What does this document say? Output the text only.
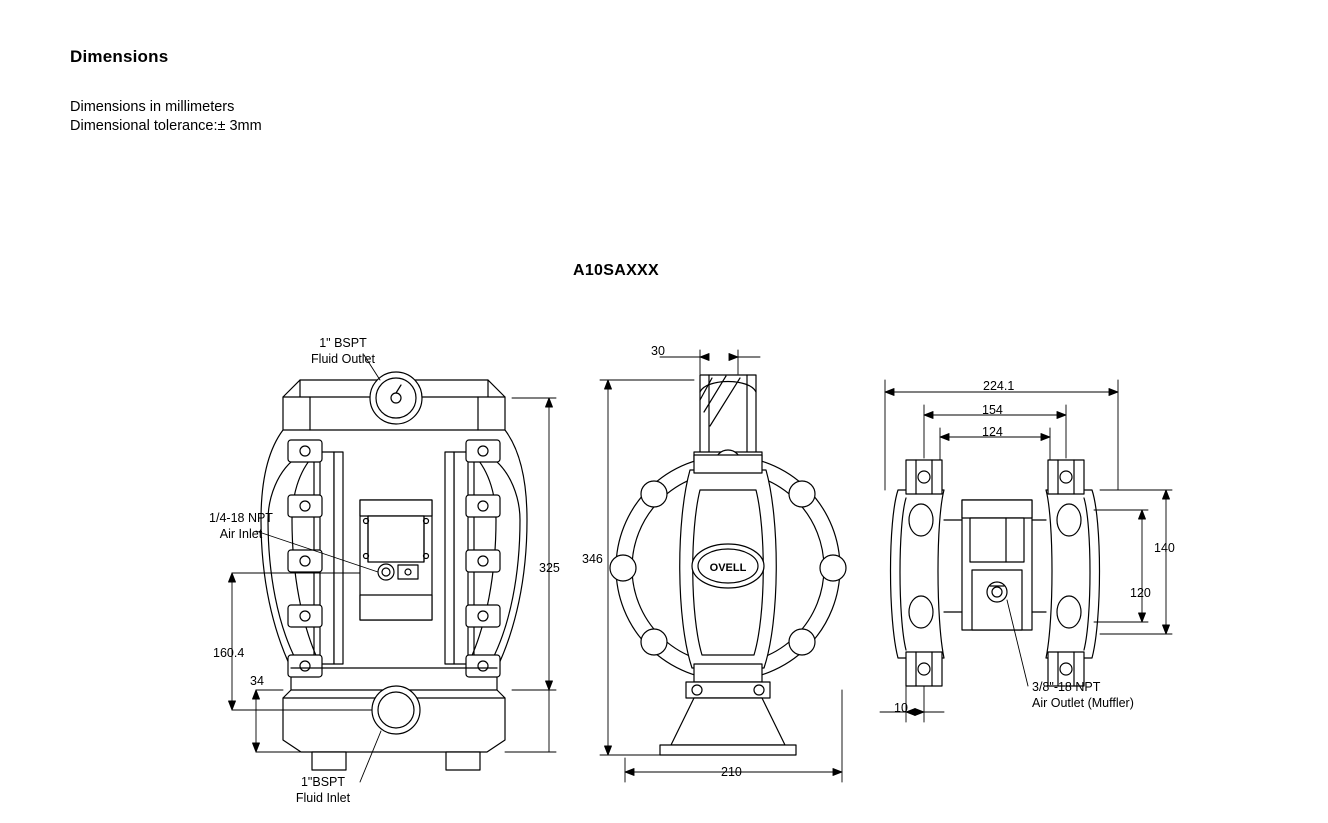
Dimensions
Dimensions in millimeters
Dimensional tolerance:± 3mm
A10SAXXX
OVELL
1" BSPT
Fluid Outlet
1/4-18 NPT
Air Inlet
1"BSPT
Fluid Inlet
325
160.4
34
30
346
210
224.1
154
124
140
120
10
3/8"-18 NPT
Air Outlet (Muffler)
